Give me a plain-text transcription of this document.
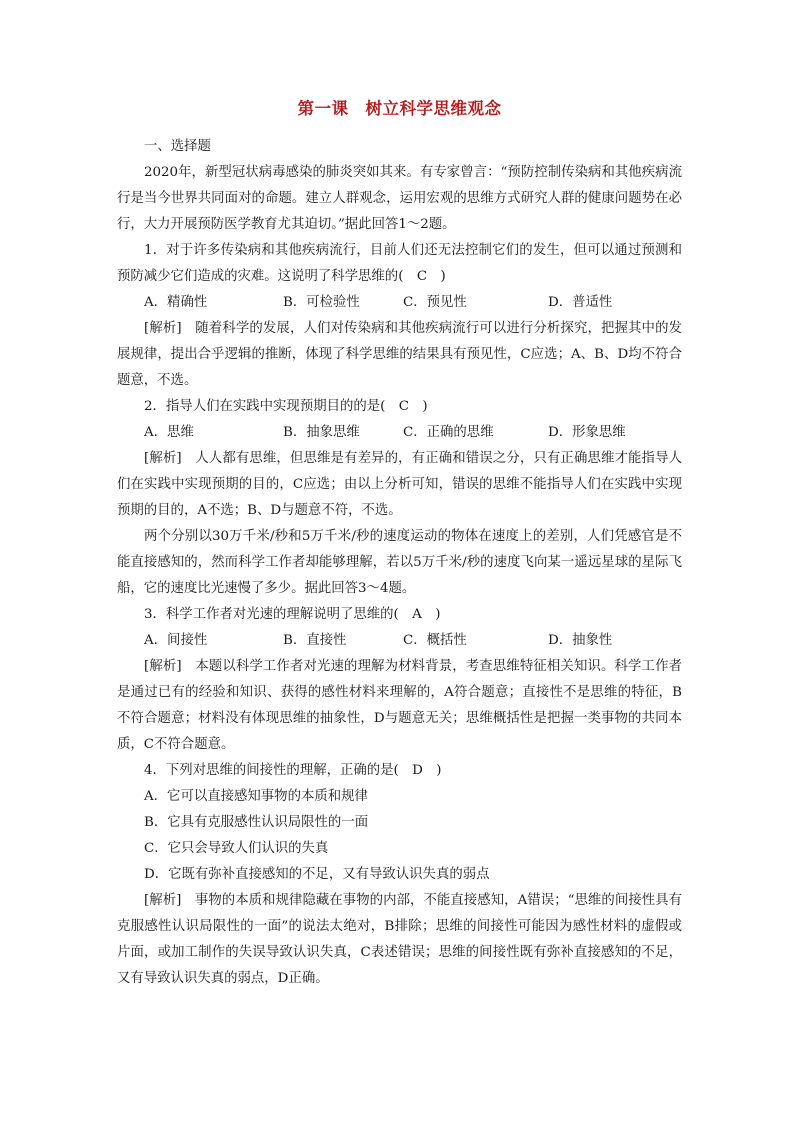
第一课　树立科学思维观念

一、选择题

2020年，新型冠状病毒感染的肺炎突如其来。有专家曾言：“预防控制传染病和其他疾病流行是当今世界共同面对的命题。建立人群观念，运用宏观的思维方式研究人群的健康问题势在必行，大力开展预防医学教育尤其迫切。”据此回答1～2题。

1．对于许多传染病和其他疾病流行，目前人们还无法控制它们的发生，但可以通过预测和预防减少它们造成的灾难。这说明了科学思维的(　C　)

A．精确性	B．可检验性	C．预见性	D．普适性

[解析]　随着科学的发展，人们对传染病和其他疾病流行可以进行分析探究，把握其中的发展规律，提出合乎逻辑的推断，体现了科学思维的结果具有预见性，C应选；A、B、D均不符合题意，不选。

2．指导人们在实践中实现预期目的的是(　C　)

A．思维	B．抽象思维	C．正确的思维	D．形象思维

[解析]　人人都有思维，但思维是有差异的，有正确和错误之分，只有正确思维才能指导人们在实践中实现预期的目的，C应选；由以上分析可知，错误的思维不能指导人们在实践中实现预期的目的，A不选；B、D与题意不符，不选。

两个分别以30万千米/秒和5万千米/秒的速度运动的物体在速度上的差别，人们凭感官是不能直接感知的，然而科学工作者却能够理解，若以5万千米/秒的速度飞向某一遥远星球的星际飞船，它的速度比光速慢了多少。据此回答3～4题。

3．科学工作者对光速的理解说明了思维的(　A　)

A．间接性	B．直接性	C．概括性	D．抽象性

[解析]　本题以科学工作者对光速的理解为材料背景，考查思维特征相关知识。科学工作者是通过已有的经验和知识、获得的感性材料来理解的，A符合题意；直接性不是思维的特征，B不符合题意；材料没有体现思维的抽象性，D与题意无关；思维概括性是把握一类事物的共同本质，C不符合题意。

4．下列对思维的间接性的理解，正确的是(　D　)

A．它可以直接感知事物的本质和规律
B．它具有克服感性认识局限性的一面
C．它只会导致人们认识的失真
D．它既有弥补直接感知的不足，又有导致认识失真的弱点

[解析]　事物的本质和规律隐藏在事物的内部，不能直接感知，A错误；“思维的间接性具有克服感性认识局限性的一面”的说法太绝对，B排除；思维的间接性可能因为感性材料的虚假或片面，或加工制作的失误导致认识失真，C表述错误；思维的间接性既有弥补直接感知的不足，又有导致认识失真的弱点，D正确。
